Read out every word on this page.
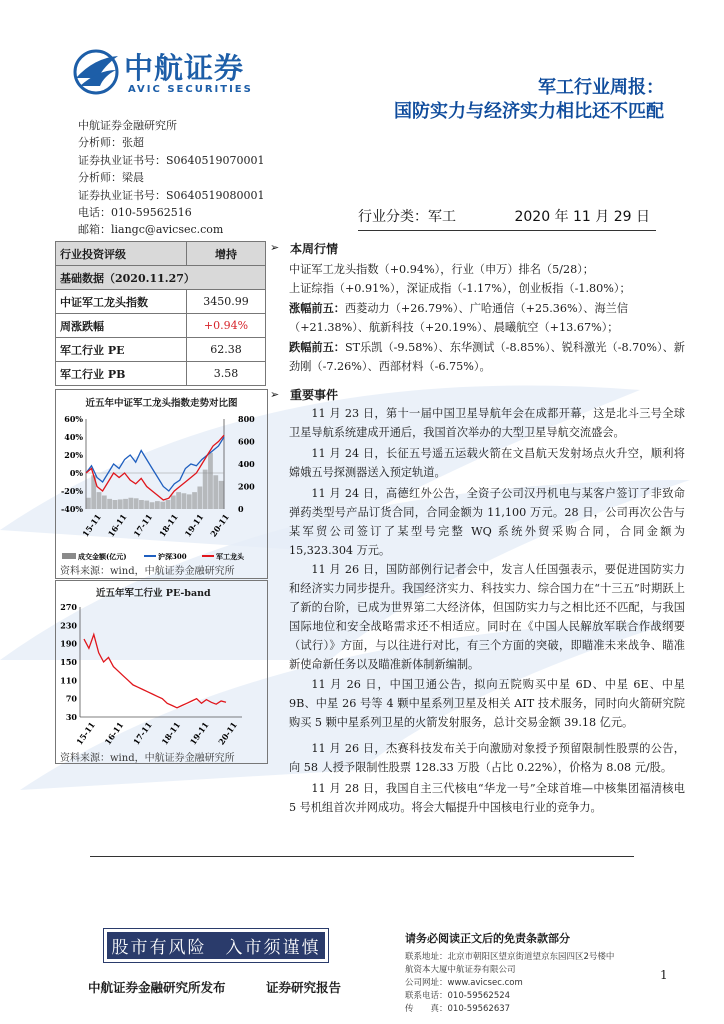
中航证券
AVIC SECURITIES	军工行业周报：
国防实力与经济实力相比还不匹配
中航证券金融研究所
分析师：张超
证券执业证书号：S0640519070001
分析师：梁晨
证券执业证书号：S0640519080001
电话：010-59562516
邮箱：liangc@avicsec.com
行业分类：军工	2020 年 11 月 29 日
行业投资评级	增持
基础数据（2020.11.27）	
中证军工龙头指数	3450.99
周涨跌幅	+0.94%
军工行业 PE	62.38
军工行业 PB	3.58
近五年中证军工龙头指数走势对比图
60%
40%
20%
0%
-20%
-40%
800
600
400
200
0
15-11 16-11 17-11 18-11 19-11 20-11
成交金额(亿元)	沪深300	军工龙头
资料来源：wind，中航证券金融研究所
近五年军工行业 PE-band
270
230
190
150
110
70
30
15-11 16-11 17-11 18-11 19-11 20-11
资料来源：wind，中航证券金融研究所
➢ 本周行情
中证军工龙头指数（+0.94%），行业（申万）排名（5/28）；
上证综指（+0.91%），深证成指（-1.17%），创业板指（-1.80%）；
涨幅前五：西菱动力（+26.79%）、广哈通信（+25.36%）、海兰信（+21.38%）、航新科技（+20.19%）、晨曦航空（+13.67%）；
跌幅前五：ST乐凯（-9.58%）、东华测试（-8.85%）、锐科激光（-8.70%）、新劲刚（-7.26%）、西部材料（-6.75%）。
➢ 重要事件
11 月 23 日，第十一届中国卫星导航年会在成都开幕，这是北斗三号全球卫星导航系统建成开通后，我国首次举办的大型卫星导航交流盛会。
11 月 24 日，长征五号遥五运载火箭在文昌航天发射场点火升空，顺利将嫦娥五号探测器送入预定轨道。
11 月 24 日，高德红外公告，全资子公司汉丹机电与某客户签订了非致命弹药类型号产品订货合同，合同金额为 11,100 万元。28 日，公司再次公告与某军贸公司签订了某型号完整 WQ 系统外贸采购合同，合同金额为 15,323.304 万元。
11 月 26 日，国防部例行记者会中，发言人任国强表示，要促进国防实力和经济实力同步提升。我国经济实力、科技实力、综合国力在“十三五”时期跃上了新的台阶，已成为世界第二大经济体，但国防实力与之相比还不匹配，与我国国际地位和安全战略需求还不相适应。同时在《中国人民解放军联合作战纲要（试行）》方面，与以往进行对比，有三个方面的突破，即瞄准未来战争、瞄准新使命新任务以及瞄准新体制新编制。
11 月 26 日，中国卫通公告，拟向五院购买中星 6D、中星 6E、中星 9B、中星 26 号等 4 颗中星系列卫星及相关 AIT 技术服务，同时向火箭研究院购买 5 颗中星系列卫星的火箭发射服务，总计交易金额 39.18 亿元。
11 月 26 日，杰赛科技发布关于向激励对象授予预留限制性股票的公告，向 58 人授予限制性股票 128.33 万股（占比 0.22%），价格为 8.08 元/股。
11 月 28 日，我国自主三代核电“华龙一号”全球首堆—中核集团福清核电 5 号机组首次并网成功。将会大幅提升中国核电行业的竞争力。
股市有风险　入市须谨慎	请务必阅读正文后的免责条款部分
联系地址：北京市朝阳区望京街道望京东园四区2号楼中
航资本大厦中航证券有限公司
公司网址：www.avicsec.com
联系电话：010-59562524
传　　真：010-59562637
中航证券金融研究所发布	证券研究报告
1
